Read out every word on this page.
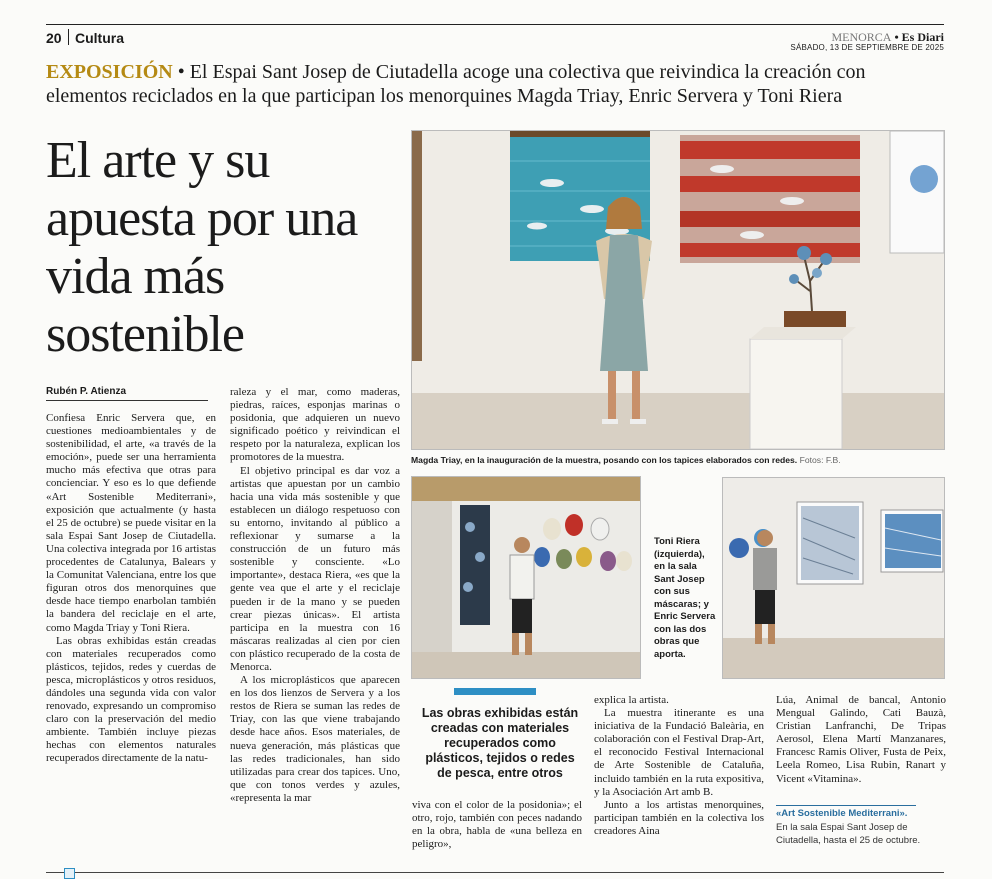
20 Cultura	MENORCA • Es Diari
SÁBADO, 13 DE SEPTIEMBRE DE 2025
EXPOSICIÓN • El Espai Sant Josep de Ciutadella acoge una colectiva que reivindica la creación con elementos reciclados en la que participan los menorquines Magda Triay, Enric Servera y Toni Riera
El arte y su apuesta por una vida más sostenible
Rubén P. Atienza

Confiesa Enric Servera que, en cuestiones medioambientales y de sostenibilidad, el arte, «a través de la emoción», puede ser una herramienta mucho más efectiva que otras para concienciar. Y eso es lo que defiende «Art Sostenible Mediterrani», exposición que actualmente (y hasta el 25 de octubre) se puede visitar en la sala Espai Sant Josep de Ciutadella. Una colectiva integrada por 16 artistas procedentes de Catalunya, Balears y la Comunitat Valenciana, entre los que figuran otros dos menorquines que desde hace tiempo enarbolan también la bandera del reciclaje en el arte, como Magda Triay y Toni Riera.

Las obras exhibidas están creadas con materiales recuperados como plásticos, tejidos, redes y cuerdas de pesca, microplásticos y otros residuos, dándoles una segunda vida con valor renovado, expresando un compromiso claro con la preservación del medio ambiente. También incluye piezas hechas con elementos naturales recuperados directamente de la natu-

raleza y el mar, como maderas, piedras, raíces, esponjas marinas o posidonia, que adquieren un nuevo significado poético y reivindican el respeto por la naturaleza, explican los promotores de la muestra.

El objetivo principal es dar voz a artistas que apuestan por un cambio hacia una vida más sostenible y que establecen un diálogo respetuoso con su entorno, invitando al público a reflexionar y sumarse a la construcción de un futuro más sostenible y consciente. «Lo importante», destaca Riera, «es que la gente vea que el arte y el reciclaje pueden ir de la mano y se pueden crear piezas únicas». El artista participa en la muestra con 16 máscaras realizadas al cien por cien con plástico recuperado de la costa de Menorca.

A los microplásticos que aparecen en los dos lienzos de Servera y a los restos de Riera se suman las redes de Triay, con las que viene trabajando desde hace años. Esos materiales, de nueva generación, más plásticas que las redes tradicionales, han sido utilizadas para crear dos tapices. Uno, que con tonos verdes y azules, «representa la mar

viva con el color de la posidonia»; el otro, rojo, también con peces nadando en la obra, habla de «una belleza en peligro»,

explica la artista.

La muestra itinerante es una iniciativa de la Fundació Baleària, en colaboración con el Festival Drap-Art, el reconocido Festival Internacional de Arte Sostenible de Cataluña, incluido también en la ruta expositiva, y la Asociación Art amb B.

Junto a los artistas menorquines, participan también en la colectiva los creadores Aina

Lúa, Animal de bancal, Antonio Mengual Galindo, Cati Bauzà, Cristian Lanfranchi, De Tripas Aerosol, Elena Martí Manzanares, Francesc Ramis Oliver, Fusta de Peix, Leela Romeo, Lisa Rubin, Ranart y Vicent «Vitamina».

Magda Triay, en la inauguración de la muestra, posando con los tapices elaborados con redes. Fotos: F.B.
Toni Riera (izquierda), en la sala Sant Josep con sus máscaras; y Enric Servera con las dos obras que aporta.
Las obras exhibidas están creadas con materiales recuperados como plásticos, tejidos o redes de pesca, entre otros
«Art Sostenible Mediterrani».
En la sala Espai Sant Josep de Ciutadella, hasta el 25 de octubre.
